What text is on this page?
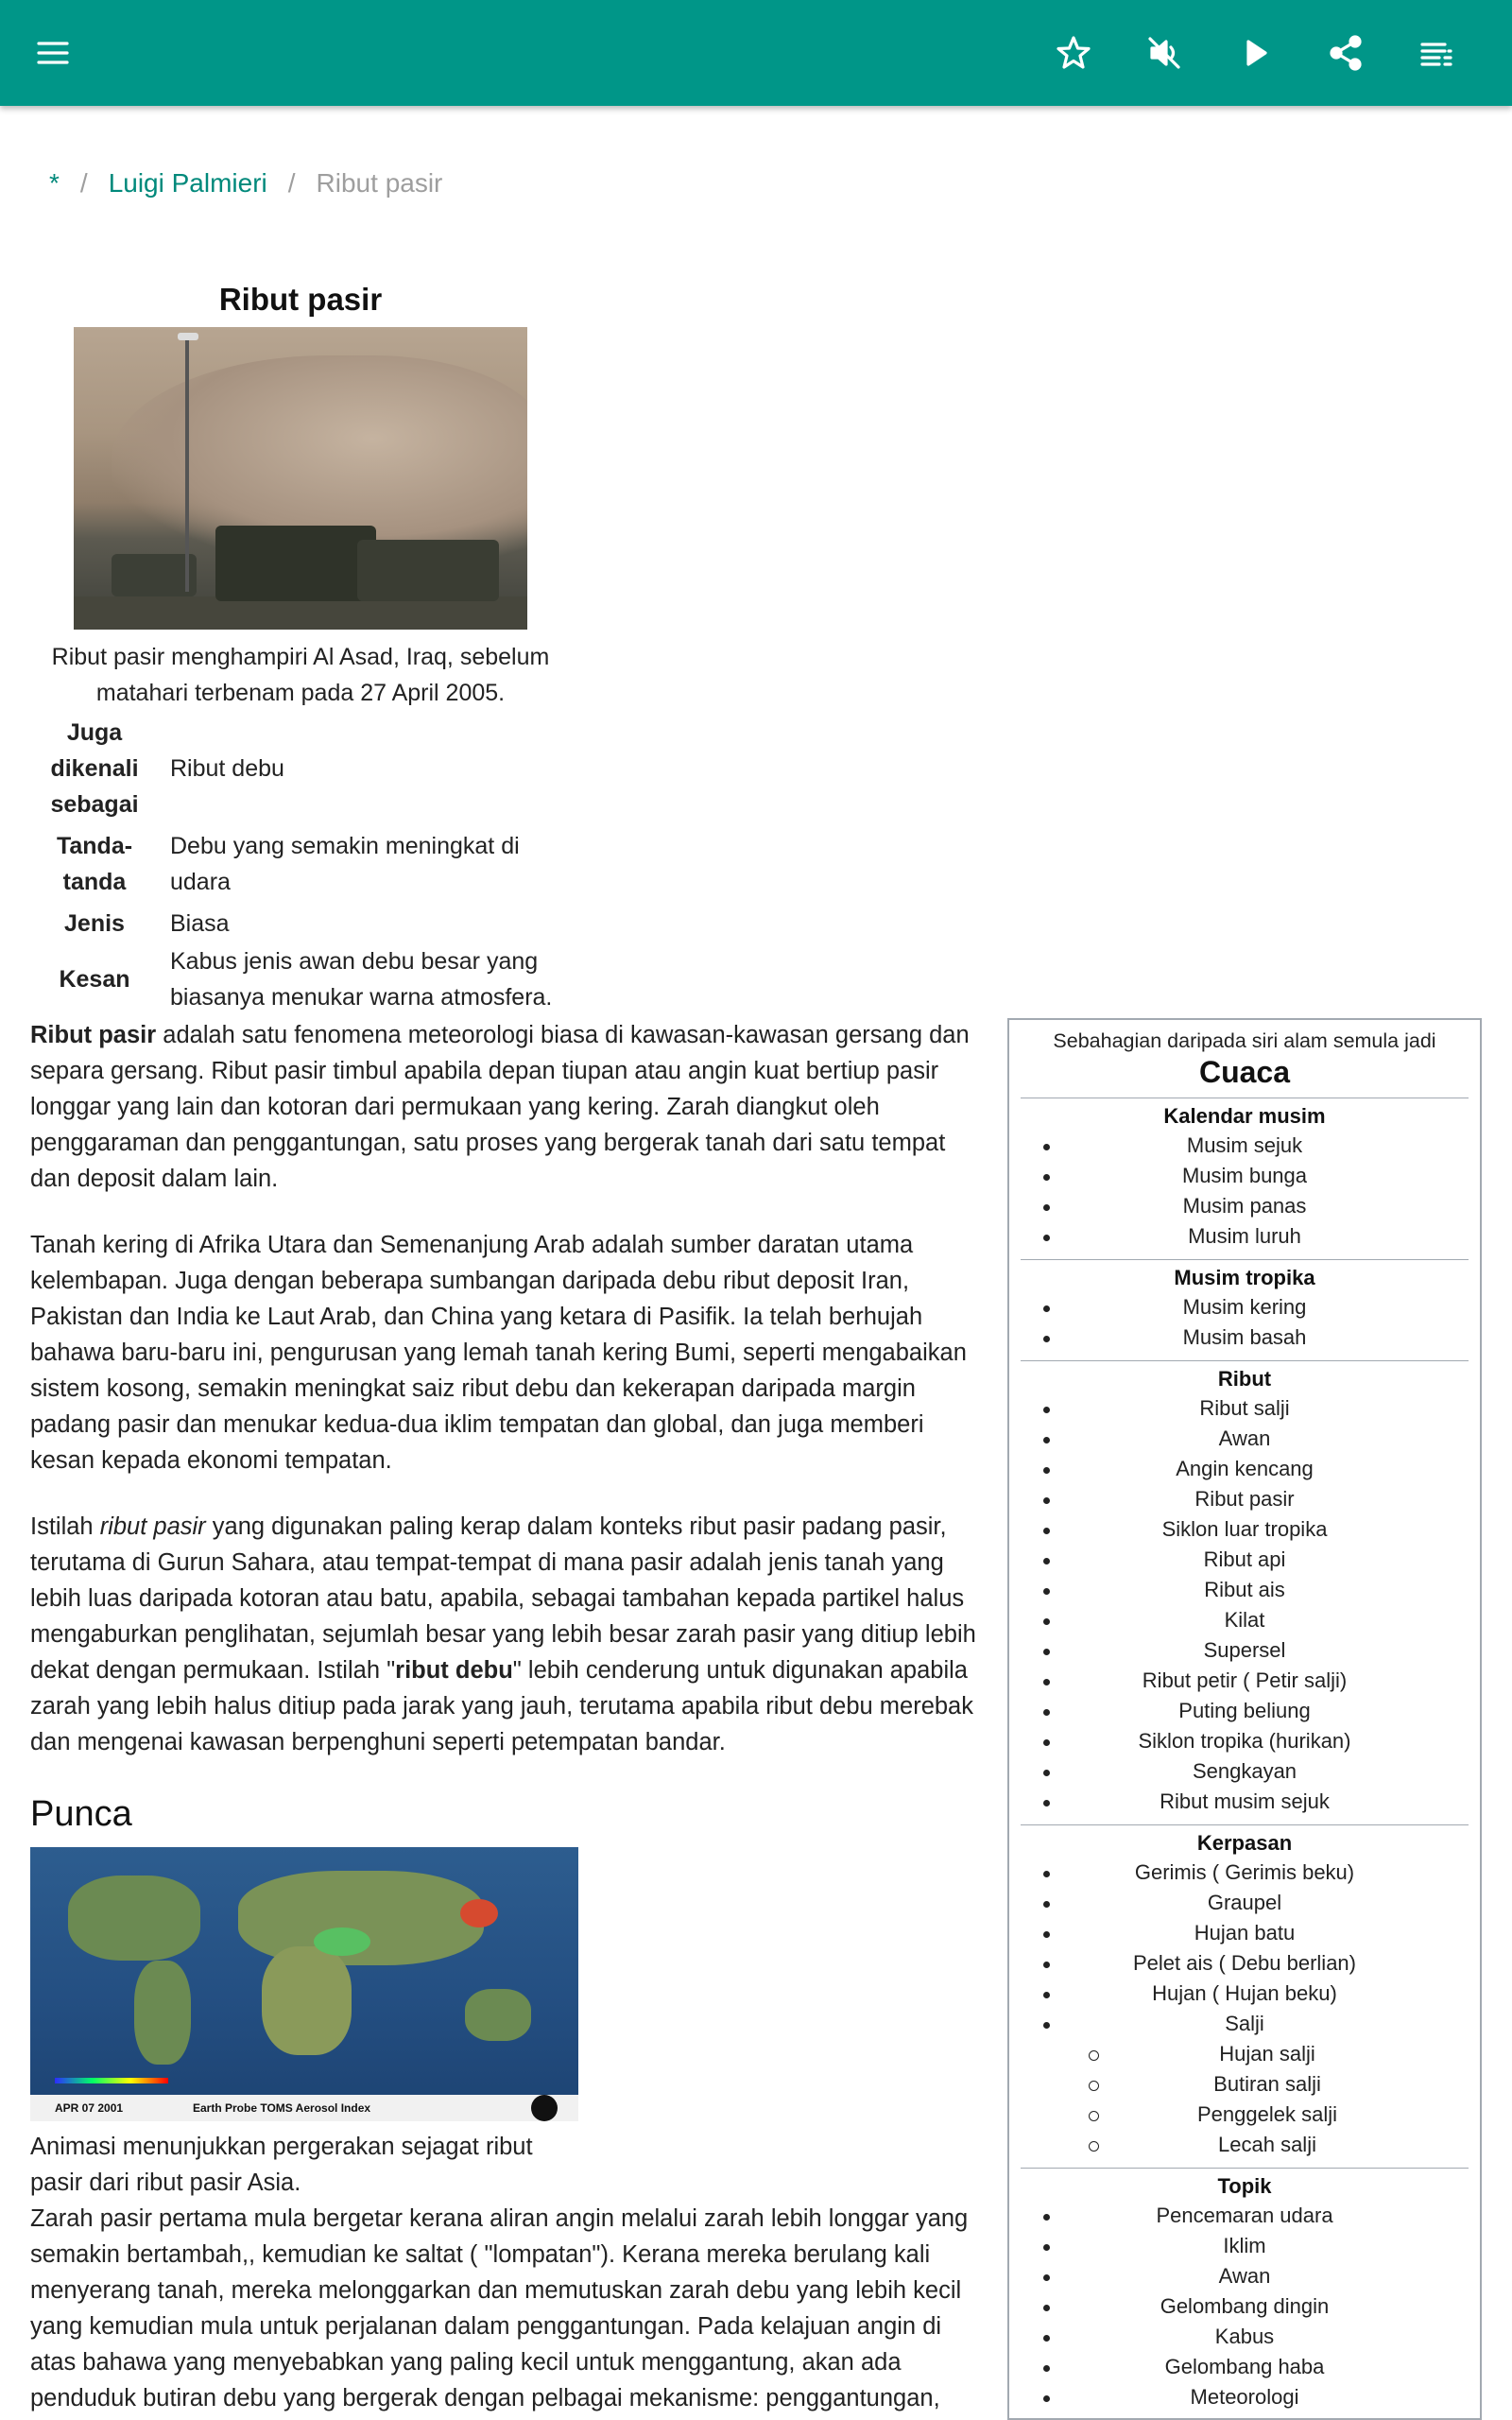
* / Luigi Palmieri / Ribut pasir
Ribut pasir
Ribut pasir menghampiri Al Asad, Iraq, sebelum matahari terbenam pada 27 April 2005.
Juga dikenali sebagai
Ribut debu
Tanda-tanda
Debu yang semakin meningkat di udara
Jenis	Biasa
Kesan
Kabus jenis awan debu besar yang biasanya menukar warna atmosfera.

Ribut pasir adalah satu fenomena meteorologi biasa di kawasan-kawasan gersang dan separa gersang. Ribut pasir timbul apabila depan tiupan atau angin kuat bertiup pasir longgar yang lain dan kotoran dari permukaan yang kering. Zarah diangkut oleh penggaraman dan penggantungan, satu proses yang bergerak tanah dari satu tempat dan deposit dalam lain.

Tanah kering di Afrika Utara dan Semenanjung Arab adalah sumber daratan utama kelembapan. Juga dengan beberapa sumbangan daripada debu ribut deposit Iran, Pakistan dan India ke Laut Arab, dan China yang ketara di Pasifik. Ia telah berhujah bahawa baru-baru ini, pengurusan yang lemah tanah kering Bumi, seperti mengabaikan sistem kosong, semakin meningkat saiz ribut debu dan kekerapan daripada margin padang pasir dan menukar kedua-dua iklim tempatan dan global, dan juga memberi kesan kepada ekonomi tempatan.

Istilah ribut pasir yang digunakan paling kerap dalam konteks ribut pasir padang pasir, terutama di Gurun Sahara, atau tempat-tempat di mana pasir adalah jenis tanah yang lebih luas daripada kotoran atau batu, apabila, sebagai tambahan kepada partikel halus mengaburkan penglihatan, sejumlah besar yang lebih besar zarah pasir yang ditiup lebih dekat dengan permukaan. Istilah "ribut debu" lebih cenderung untuk digunakan apabila zarah yang lebih halus ditiup pada jarak yang jauh, terutama apabila ribut debu merebak dan mengenai kawasan berpenghuni seperti petempatan bandar.

Punca
APR 07 2001	Earth Probe TOMS Aerosol Index

Animasi menunjukkan pergerakan sejagat ribut pasir dari ribut pasir Asia.

Zarah pasir pertama mula bergetar kerana aliran angin melalui zarah lebih longgar yang semakin bertambah,, kemudian ke saltat ( "lompatan"). Kerana mereka berulang kali menyerang tanah, mereka melonggarkan dan memutuskan zarah debu yang lebih kecil yang kemudian mula untuk perjalanan dalam penggantungan. Pada kelajuan angin di atas bahawa yang menyebabkan yang paling kecil untuk menggantung, akan ada penduduk butiran debu yang bergerak dengan pelbagai mekanisme: penggantungan,

Sebahagian daripada siri alam semula jadi
Cuaca
Kalendar musim
Musim sejuk
Musim bunga
Musim panas
Musim luruh
Musim tropika
Musim kering
Musim basah
Ribut
Ribut salji
Awan
Angin kencang
Ribut pasir
Siklon luar tropika
Ribut api
Ribut ais
Kilat
Supersel
Ribut petir ( Petir salji)
Puting beliung
Siklon tropika (hurikan)
Sengkayan
Ribut musim sejuk
Kerpasan
Gerimis ( Gerimis beku)
Graupel
Hujan batu
Pelet ais ( Debu berlian)
Hujan ( Hujan beku)
Salji
Hujan salji
Butiran salji
Penggelek salji
Lecah salji
Topik
Pencemaran udara
Iklim
Awan
Gelombang dingin
Kabus
Gelombang haba
Meteorologi
